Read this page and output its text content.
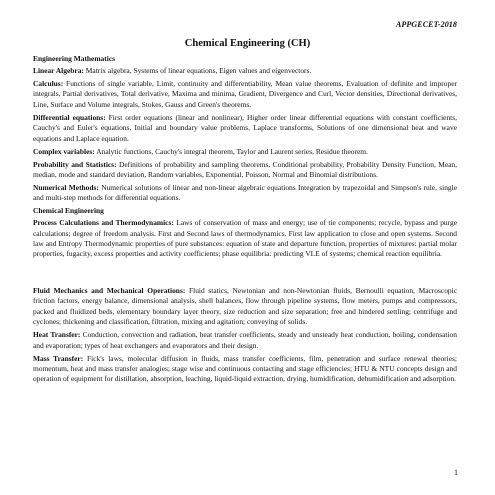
APPGECET-2018
Chemical Engineering (CH)

Engineering Mathematics

Linear Algebra: Matrix algebra, Systems of linear equations, Eigen values and eigenvectors.

Calculus: Functions of single variable, Limit, continuity and differentiability, Mean value theorems, Evaluation of definite and improper integrals, Partial derivatives, Total derivative, Maxima and minima, Gradient, Divergence and Curl, Vector densities, Directional derivatives, Line, Surface and Volume integrals, Stokes, Gauss and Green's theorems.

Differential equations: First order equations (linear and nonlinear), Higher order linear differential equations with constant coefficients, Cauchy's and Euler's equations, Initial and boundary value problems, Laplace transforms, Solutions of one dimensional heat and wave equations and Laplace equation.

Complex variables: Analytic functions, Cauchy's integral theorem, Taylor and Laurent series, Residue theorem.

Probability and Statistics: Definitions of probability and sampling theorems, Conditional probability, Probability Density Function, Mean, median, mode and standard deviation, Random variables, Exponential, Poisson, Normal and Binomial distributions.

Numerical Methods: Numerical solutions of linear and non-linear algebraic equations Integration by trapezoidal and Simpson's rule, single and multi-step methods for differential equations.

Chemical Engineering

Process Calculations and Thermodynamics: Laws of conservation of mass and energy; use of tie components; recycle, bypass and purge calculations; degree of freedom analysis. First and Second laws of thermodynamics. First law application to close and open systems. Second law and Entropy Thermodynamic properties of pure substances: equation of state and departure function, properties of mixtures: partial molar properties, fugacity, excess properties and activity coefficients; phase equilibria: predicting VLE of systems; chemical reaction equilibria.

Fluid Mechanics and Mechanical Operations: Fluid statics, Newtonian and non-Newtonian fluids, Bernoulli equation, Macroscopic friction factors, energy balance, dimensional analysis, shell balances, flow through pipeline systems, flow meters, pumps and compressors, packed and fluidized beds, elementary boundary layer theory, size reduction and size separation; free and hindered settling; centrifuge and cyclones; thickening and classification, filtration, mixing and agitation; conveying of solids.

Heat Transfer: Conduction, convection and radiation, heat transfer coefficients, steady and unsteady heat conduction, boiling, condensation and evaporation; types of heat exchangers and evaporators and their design.

Mass Transfer: Fick's laws, molecular diffusion in fluids, mass transfer coefficients, film, penetration and surface renewal theories; momentum, heat and mass transfer analogies; stage wise and continuous contacting and stage efficiencies; HTU & NTU concepts design and operation of equipment for distillation, absorption, leaching, liquid-liquid extraction, drying, humidification, dehumidification and adsorption.

1
